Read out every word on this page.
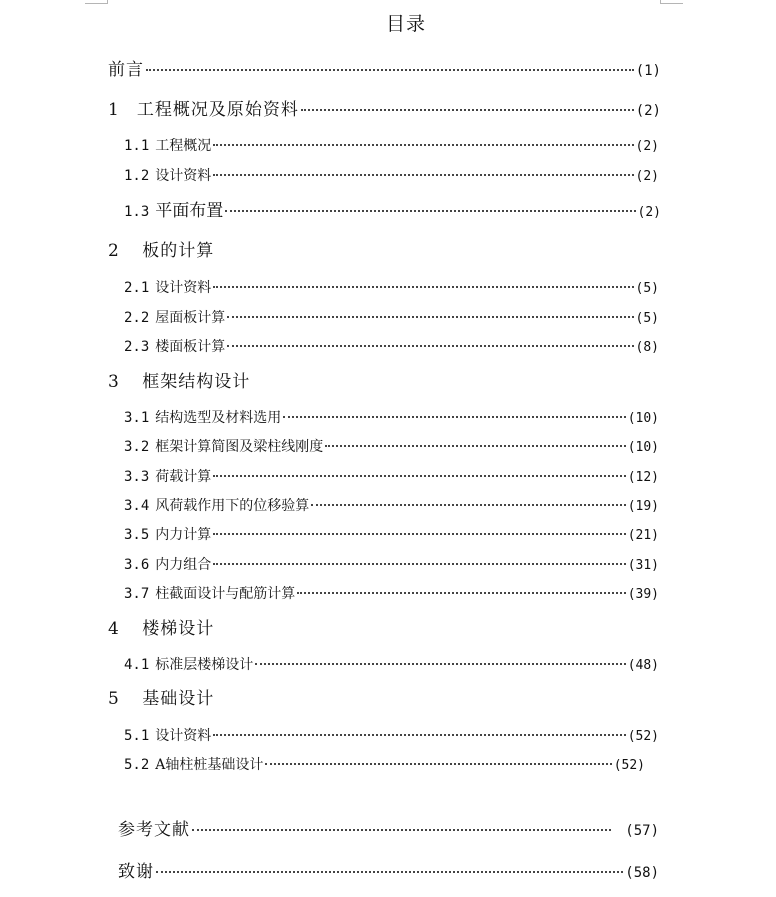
目录
前言	(1)
1 工程概况及原始资料	(2)
1.1 工程概况	(2)
1.2 设计资料	(2)
1.3 平面布置	(2)
2 板的计算
2.1 设计资料	(5)
2.2 屋面板计算	(5)
2.3 楼面板计算	(8)
3 框架结构设计
3.1 结构选型及材料选用	(10)
3.2 框架计算简图及梁柱线刚度	(10)
3.3 荷载计算	(12)
3.4 风荷载作用下的位移验算	(19)
3.5 内力计算	(21)
3.6 内力组合	(31)
3.7 柱截面设计与配筋计算	(39)
4 楼梯设计
4.1 标准层楼梯设计	(48)
5 基础设计
5.1 设计资料	(52)
5.2 A轴柱桩基础设计	(52)
参考文献	(57)
致谢	(58)
